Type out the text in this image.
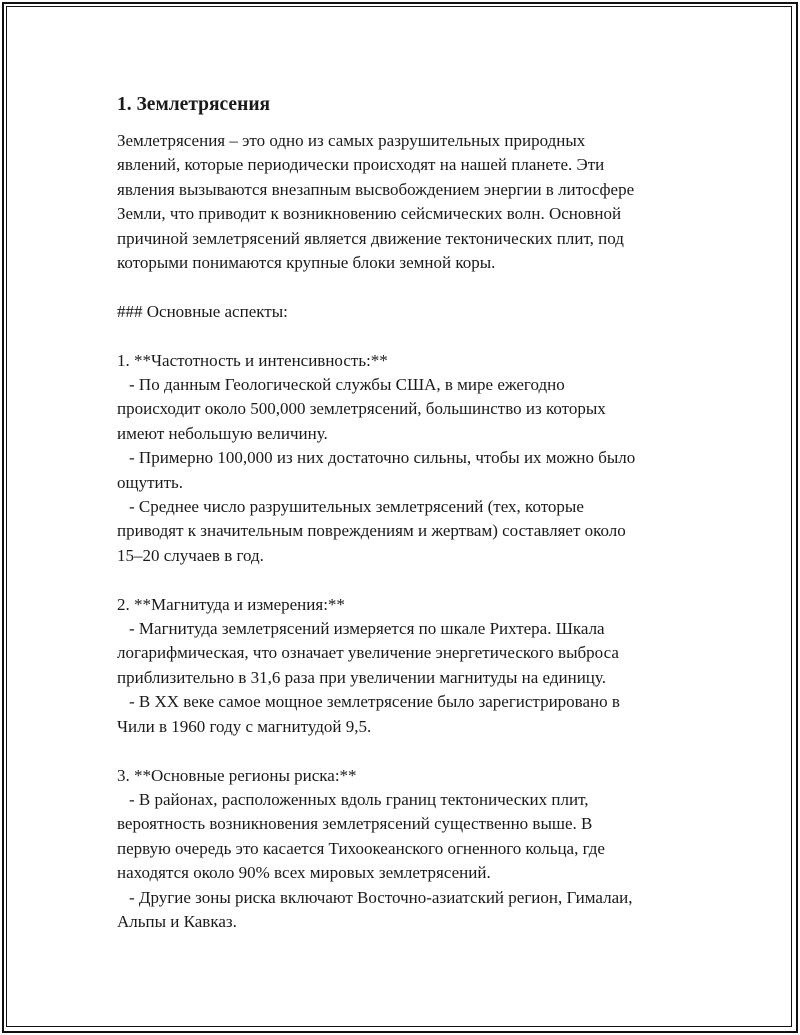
1. Землетрясения

Землетрясения – это одно из самых разрушительных природных

явлений, которые периодически происходят на нашей планете. Эти

явления вызываются внезапным высвобождением энергии в литосфере

Земли, что приводит к возникновению сейсмических волн. Основной

причиной землетрясений является движение тектонических плит, под

которыми понимаются крупные блоки земной коры.

### Основные аспекты:

1. **Частотность и интенсивность:**

- По данным Геологической службы США, в мире ежегодно

происходит около 500,000 землетрясений, большинство из которых

имеют небольшую величину.

- Примерно 100,000 из них достаточно сильны, чтобы их можно было

ощутить.

- Среднее число разрушительных землетрясений (тех, которые

приводят к значительным повреждениям и жертвам) составляет около

15–20 случаев в год.

2. **Магнитуда и измерения:**

- Магнитуда землетрясений измеряется по шкале Рихтера. Шкала

логарифмическая, что означает увеличение энергетического выброса

приблизительно в 31,6 раза при увеличении магнитуды на единицу.

- В XX веке самое мощное землетрясение было зарегистрировано в

Чили в 1960 году с магнитудой 9,5.

3. **Основные регионы риска:**

- В районах, расположенных вдоль границ тектонических плит,

вероятность возникновения землетрясений существенно выше. В

первую очередь это касается Тихоокеанского огненного кольца, где

находятся около 90% всех мировых землетрясений.

- Другие зоны риска включают Восточно-азиатский регион, Гималаи,

Альпы и Кавказ.
